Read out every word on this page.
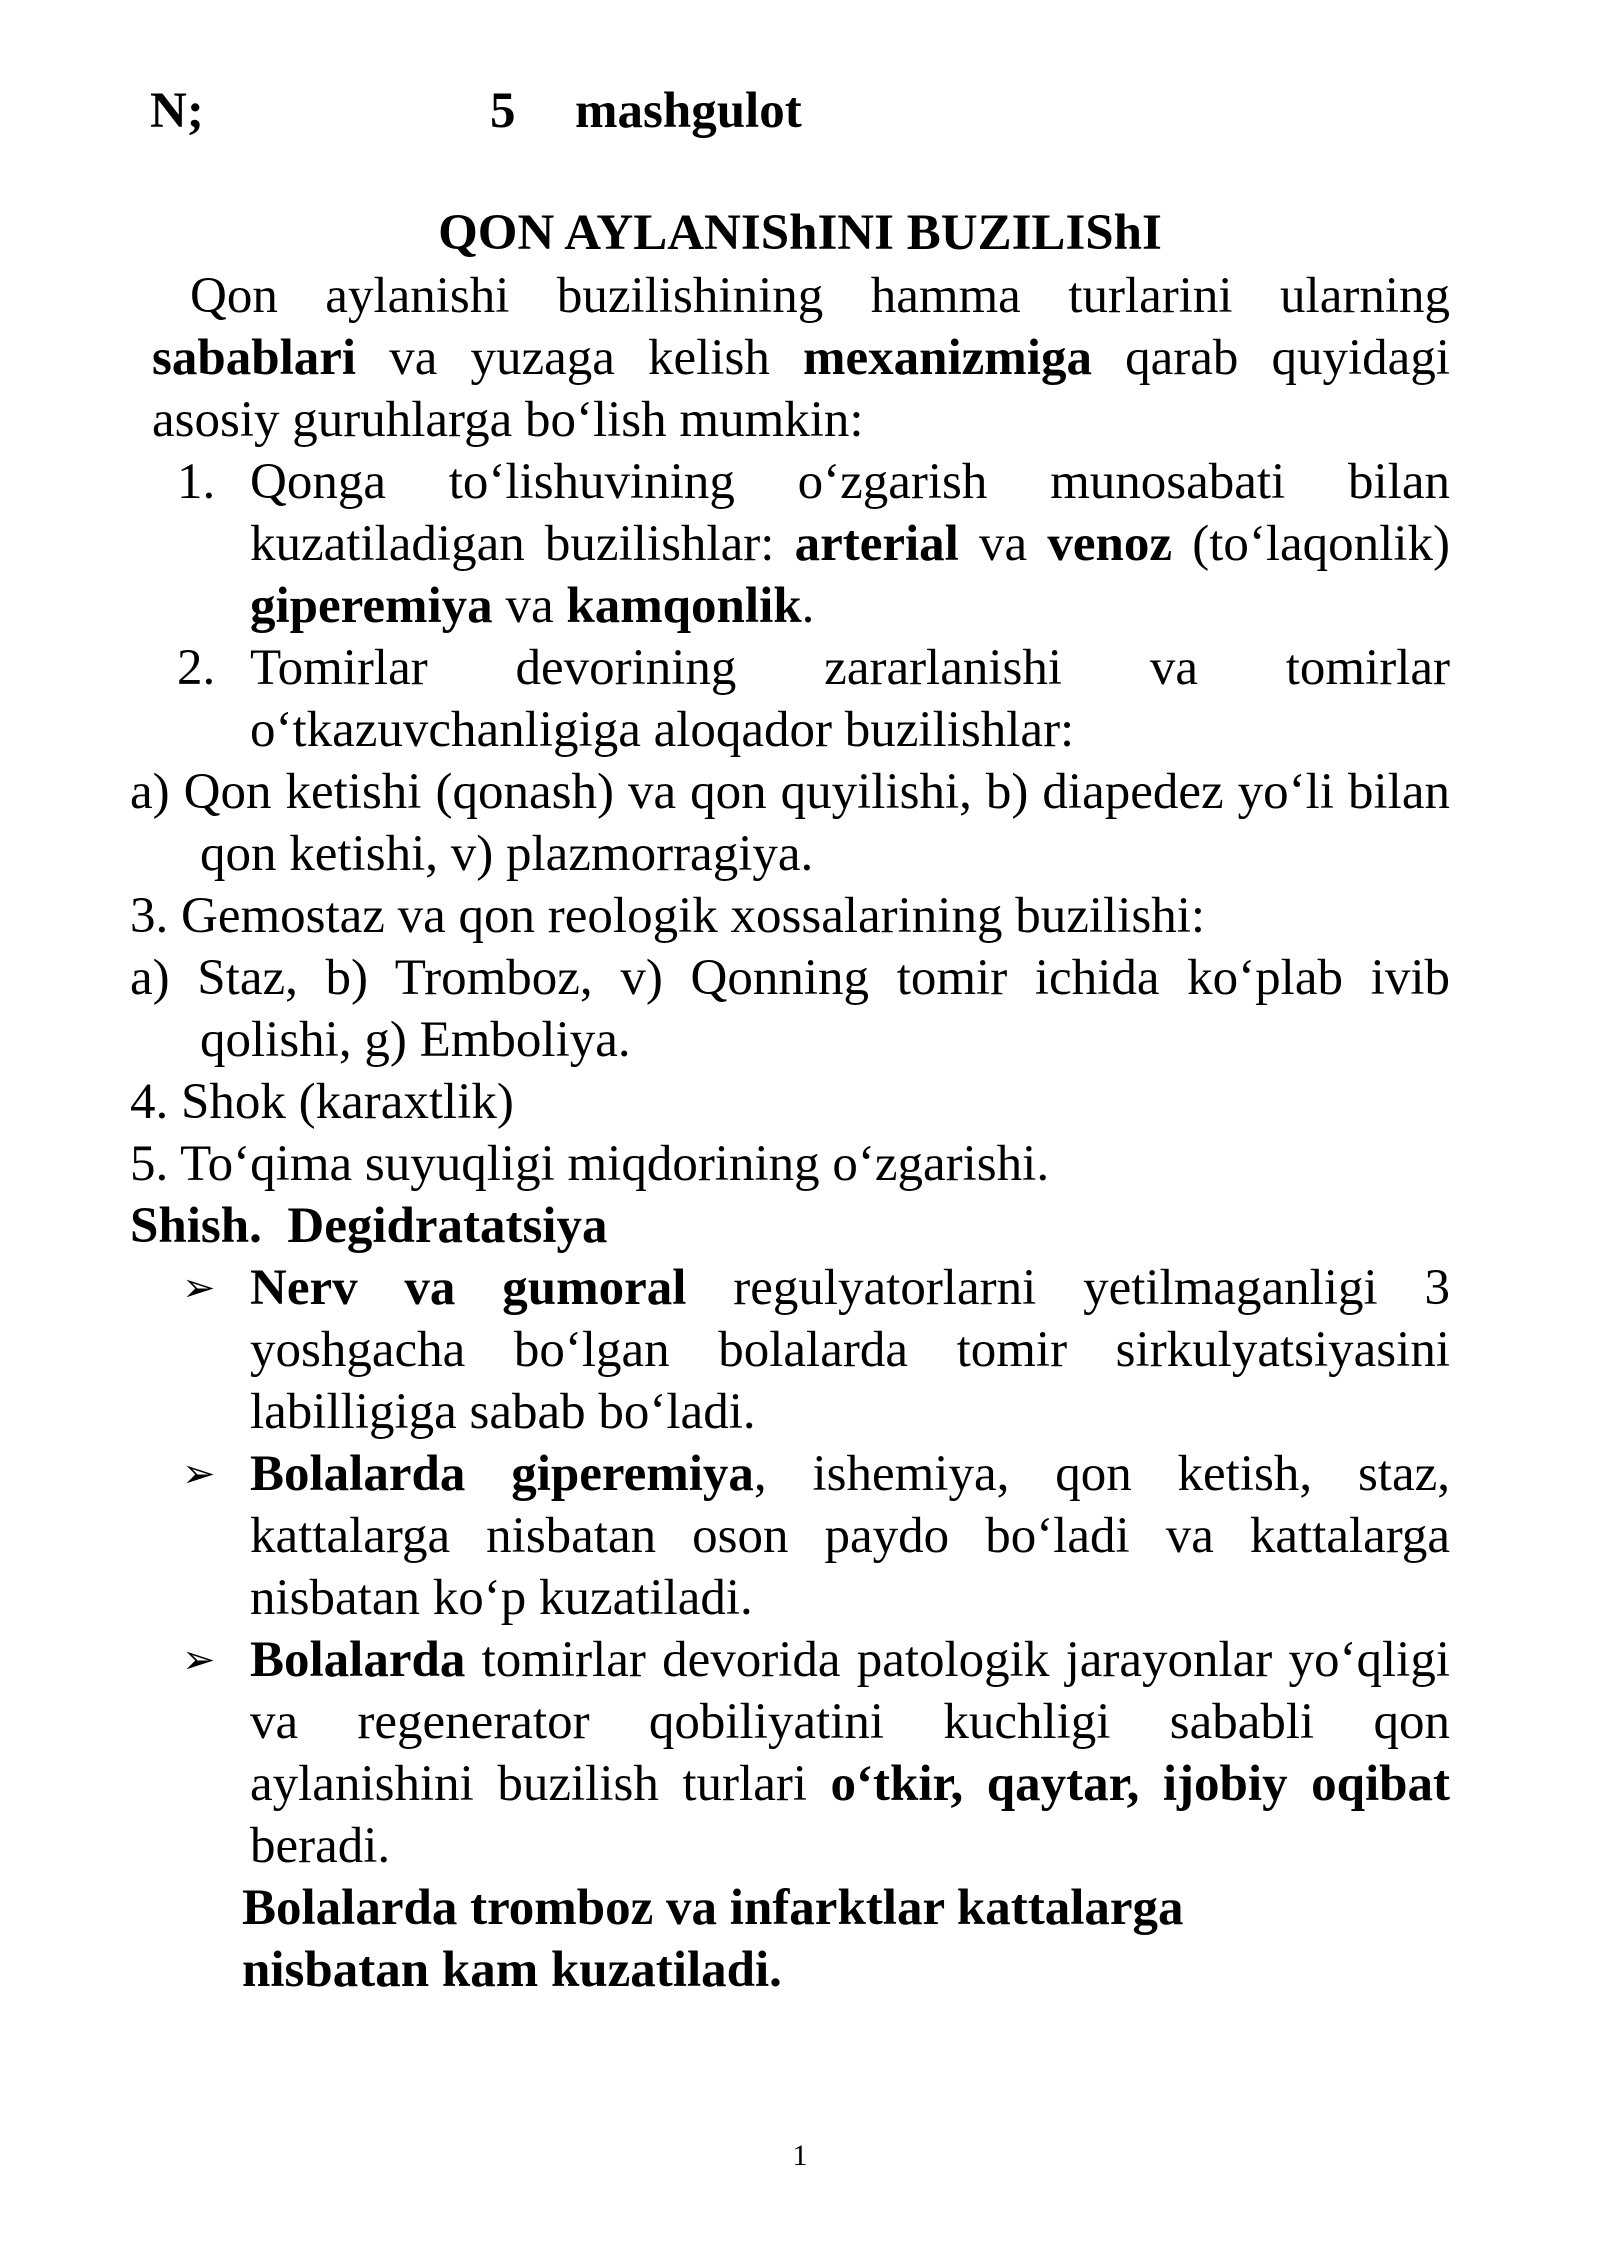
N;	5 mashgulot
QON AYLANIShINI BUZILIShI
Qon aylanishi buzilishining hamma turlarini ularning sabablari va yuzaga kelish mexanizmiga qarab quyidagi asosiy guruhlarga bo‘lish mumkin:
1. Qonga to‘lishuvining o‘zgarish munosabati bilan kuzatiladigan buzilishlar: arterial va venoz (to‘laqonlik) giperemiya va kamqonlik.
2. Tomirlar devorining zararlanishi va tomirlar o‘tkazuvchanligiga aloqador buzilishlar:
a) Qon ketishi (qonash) va qon quyilishi, b) diapedez yo‘li bilan qon ketishi, v) plazmorragiya.
3. Gemostaz va qon reologik xossalarining buzilishi:
a) Staz, b) Tromboz, v) Qonning tomir ichida ko‘plab ivib qolishi, g) Emboliya.
4. Shok (karaxtlik)
5. To‘qima suyuqligi miqdorining o‘zgarishi.
Shish.  Degidratatsiya
➢ Nerv va gumoral regulyatorlarni yetilmaganligi 3 yoshgacha bo‘lgan bolalarda tomir sirkulyatsiyasini labilligiga sabab bo‘ladi.
➢ Bolalarda giperemiya, ishemiya, qon ketish, staz, kattalarga nisbatan oson paydo bo‘ladi va kattalarga nisbatan ko‘p kuzatiladi.
➢ Bolalarda tomirlar devorida patologik jarayonlar yo‘qligi va regenerator qobiliyatini kuchligi sababli qon aylanishini buzilish turlari o‘tkir, qaytar, ijobiy oqibat beradi.
Bolalarda tromboz va infarktlar kattalarga
nisbatan kam kuzatiladi.
1
